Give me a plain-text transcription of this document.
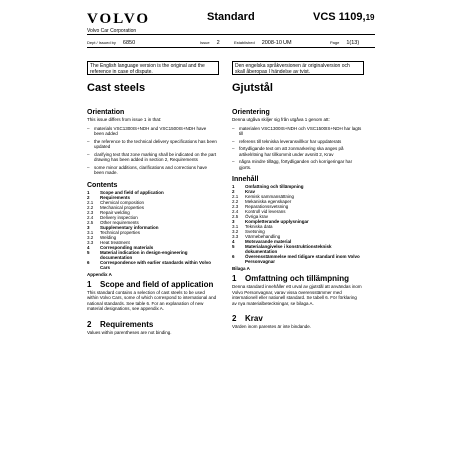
VOLVO
Volvo Car Corporation
Standard	VCS 1109,19
Dept / Issued by 6850	Issue 2	Established 2008-10 UM	Page 1(13)
The English language version is the original and the reference in case of dispute.
Den engelska språkversionen är originalversion och skall åberopas I händelse av tvist.
Cast steels
Orientation
This issue differs from issue 1 in that:
– materials VSC1300IS+NDH and VSC1500IS+NDH have been added
– the reference to the technical delivery specifications has been updated
– clarifying text that zone marking shall be indicated on the part drawing has been added in section 2, Requirements
– some minor additions, clarifications and corrections have been made.
Contents
1	Scope and field of application
2	Requirements
2.1	Chemical composition
2.2	Mechanical properties
2.3	Repair welding
2.4	Delivery inspection
2.5	Other requirements
3	Supplementary information
3.1	Technical properties
3.2	Welding
3.3	Heat treatment
4	Corresponding materials
5	Material indication in design-engineering documentation
6	Correspondence with earlier standards within Volvo Cars
Appendix A
1 Scope and field of application
This standard contains a selection of cast steels to be used within Volvo Cars, some of which correspond to international and national standards. See table 6. For an explanation of new material designations, see appendix A.
2 Requirements
Values within parentheses are not binding.
Gjutstål
Orientering
Denna utgåva skiljer sig från utgåva 1 genom att:
– materialen VSC1300IS+NDH och VSC1500IS+NDH har lagts till
– referens till tekniska leveransvillkor har uppdaterats
– förtydligande text om att zonmarkering ska anges på artikelritning har tillkommit under avsnitt 2, Krav
– några mindre tillägg, förtydliganden och korrigeringar har gjorts.
Innehåll
1	Omfattning och tillämpning
2	Krav
2.1	Kemisk sammansättning
2.2	Mekaniska egenskaper
2.3	Reparationssvetsning
2.4	Kontroll vid leverans
2.5	Övriga krav
3	Kompletterande upplysningar
3.1	Tekniska data
3.2	Svetsning
3.3	Värmebehandling
4	Motsvarande material
5	Materialangivelse i konstruktionsteknisk dokumentation
6	Överensstämmelse med tidigare standard inom Volvo Personvagnar
Bilaga A
1 Omfattning och tillämpning
Denna standard innehåller ett urval av gjutstål att användas inom Volvo Personvagnar, varav vissa överensstämmer med internationell eller nationell standard. Se tabell 6. För förklaring av nya materialbeteckningar, se bilaga A.
2 Krav
Värden inom parentes är inte bindande.
